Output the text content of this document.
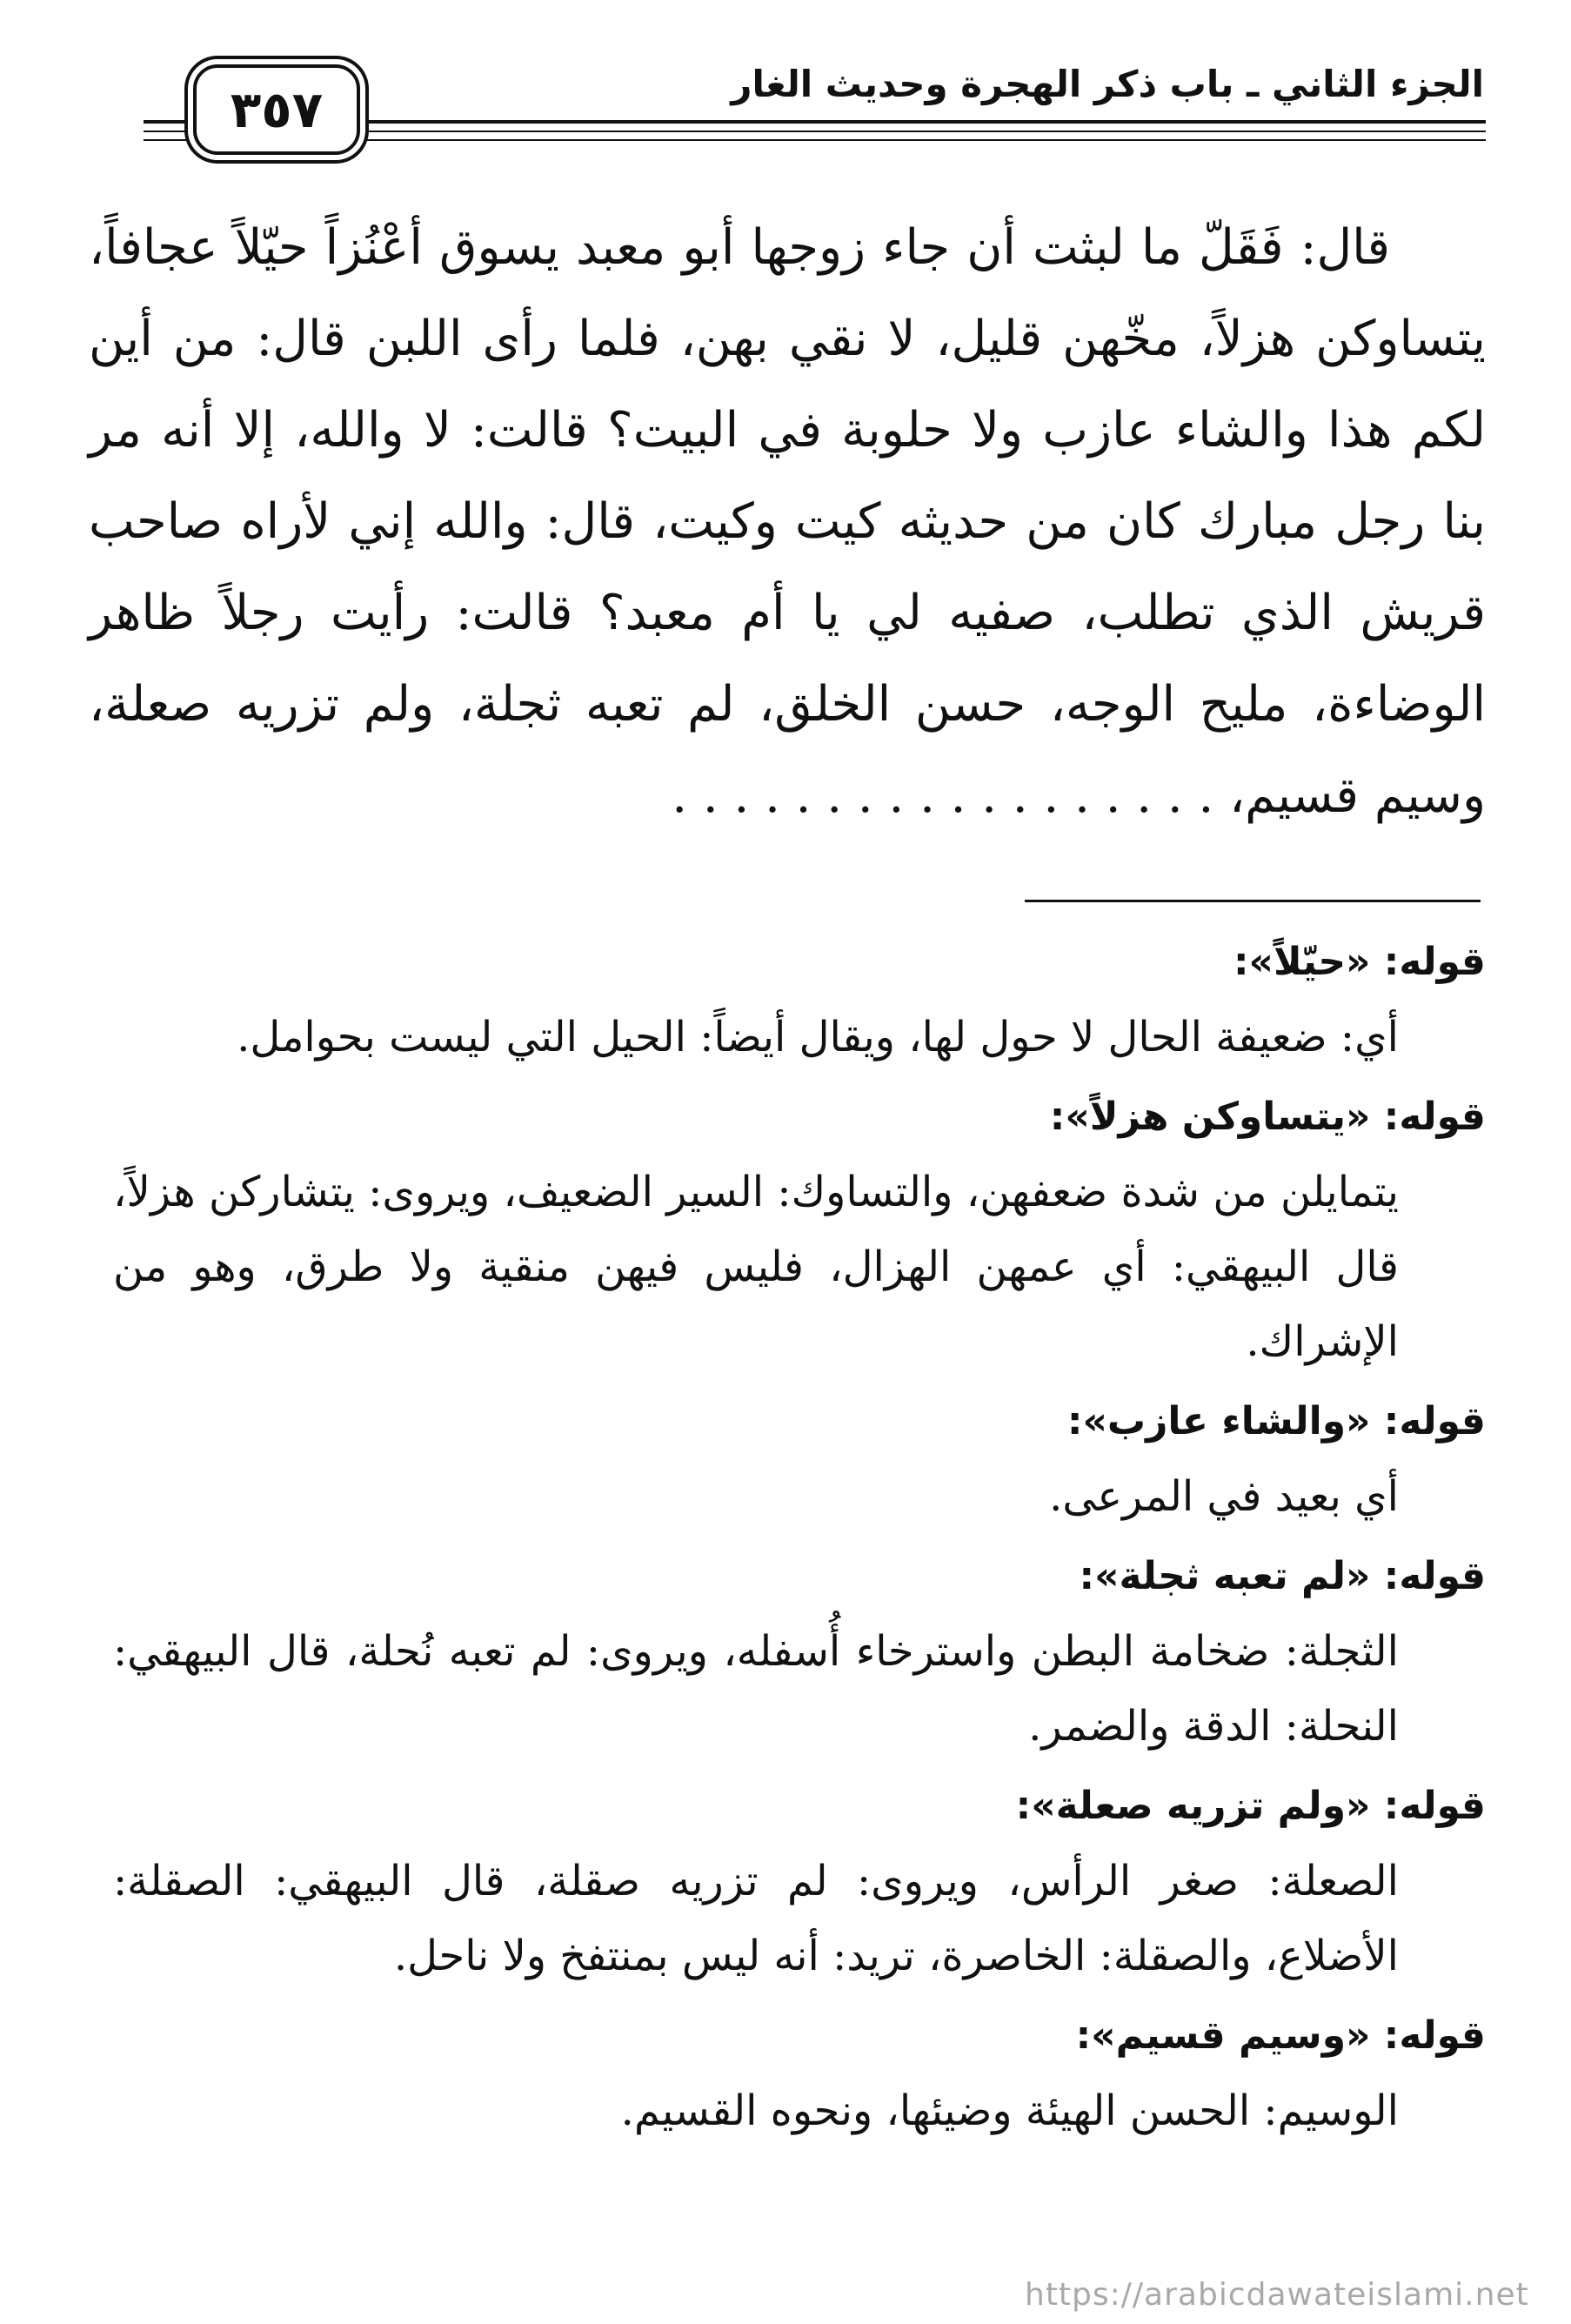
الجزء الثاني ـ باب ذكر الهجرة وحديث الغار
٣٥٧

قال: فَقَلّ ما لبثت أن جاء زوجها أبو معبد يسوق أعْنُزاً حيّلاً عجافاً، يتساوكن هزلاً، مخّهن قليل، لا نقي بهن، فلما رأى اللبن قال: من أين لكم هذا والشاء عازب ولا حلوبة في البيت؟ قالت: لا والله، إلا أنه مر بنا رجل مبارك كان من حديثه كيت وكيت، قال: والله إني لأراه صاحب قريش الذي تطلب، صفيه لي يا أم معبد؟ قالت: رأيت رجلاً ظاهر الوضاءة، مليح الوجه، حسن الخلق، لم تعبه ثجلة، ولم تزريه صعلة، وسيم قسيم، . . . . . . . . . . . . . . . . . .

قوله: «حيّلاً»:
أي: ضعيفة الحال لا حول لها، ويقال أيضاً: الحيل التي ليست بحوامل.
قوله: «يتساوكن هزلاً»:
يتمايلن من شدة ضعفهن، والتساوك: السير الضعيف، ويروى: يتشاركن هزلاً، قال البيهقي: أي عمهن الهزال، فليس فيهن منقية ولا طرق، وهو من الإشراك.
قوله: «والشاء عازب»:
أي بعيد في المرعى.
قوله: «لم تعبه ثجلة»:
الثجلة: ضخامة البطن واسترخاء أُسفله، ويروى: لم تعبه نُحلة، قال البيهقي: النحلة: الدقة والضمر.
قوله: «ولم تزريه صعلة»:
الصعلة: صغر الرأس، ويروى: لم تزريه صقلة، قال البيهقي: الصقلة: الأضلاع، والصقلة: الخاصرة، تريد: أنه ليس بمنتفخ ولا ناحل.
قوله: «وسيم قسيم»:
الوسيم: الحسن الهيئة وضيئها، ونحوه القسيم.
https://arabicdawateislami.net
